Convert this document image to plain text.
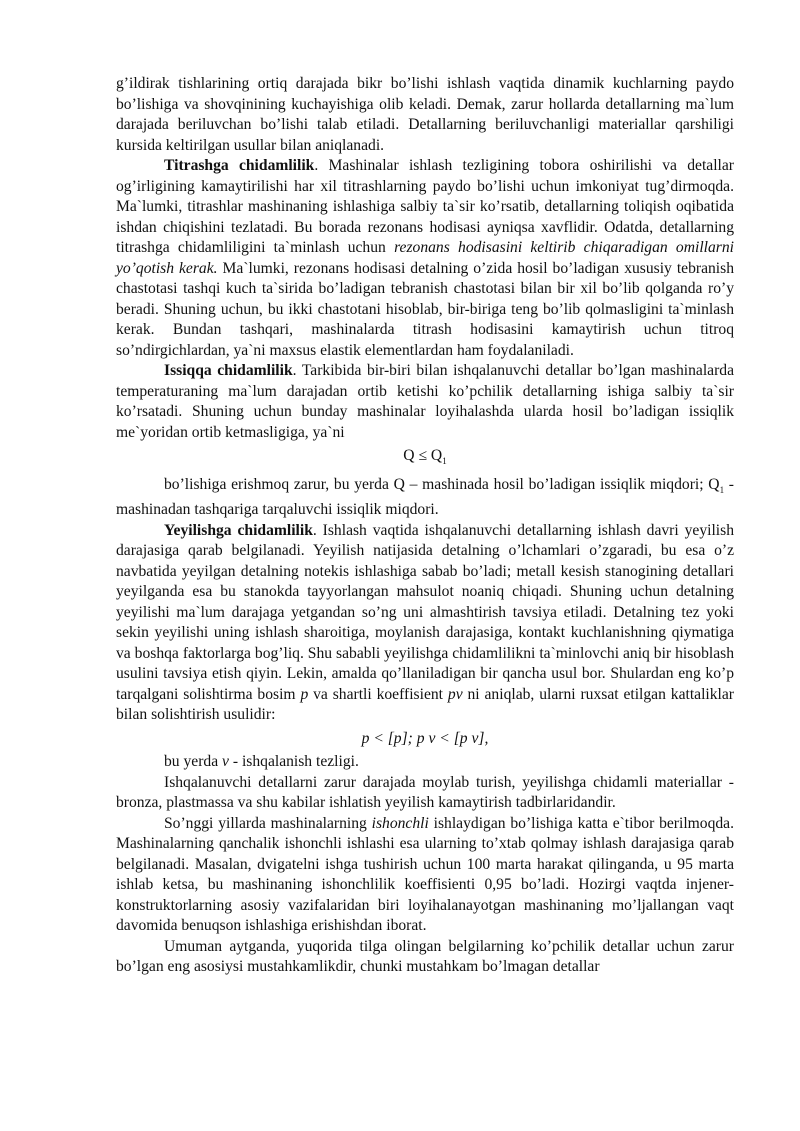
g’ildirak tishlarining ortiq darajada bikr bo’lishi ishlash vaqtida dinamik kuchlarning paydo bo’lishiga va shovqinining kuchayishiga olib keladi. Demak, zarur hollarda detallarning ma`lum darajada beriluvchan bo’lishi talab etiladi. Detallarning beriluvchanligi materiallar qarshiligi kursida keltirilgan usullar bilan aniqlanadi.

Titrashga chidamlilik. Mashinalar ishlash tezligining tobora oshirilishi va detallar og’irligining kamaytirilishi har xil titrashlarning paydo bo’lishi uchun imkoniyat tug’dirmoqda. Ma`lumki, titrashlar mashinaning ishlashiga salbiy ta`sir ko’rsatib, detallarning toliqish oqibatida ishdan chiqishini tezlatadi. Bu borada rezonans hodisasi ayniqsa xavflidir. Odatda, detallarning titrashga chidamliligini ta`minlash uchun rezonans hodisasini keltirib chiqaradigan omillarni yo’qotish kerak. Ma`lumki, rezonans hodisasi detalning o’zida hosil bo’ladigan xususiy tebranish chastotasi tashqi kuch ta`sirida bo’ladigan tebranish chastotasi bilan bir xil bo’lib qolganda ro’y beradi. Shuning uchun, bu ikki chastotani hisoblab, bir-biriga teng bo’lib qolmasligini ta`minlash kerak. Bundan tashqari, mashinalarda titrash hodisasini kamaytirish uchun titroq so’ndirgichlardan, ya`ni maxsus elastik elementlardan ham foydalaniladi.

Issiqqa chidamlilik. Tarkibida bir-biri bilan ishqalanuvchi detallar bo’lgan mashinalarda temperaturaning ma`lum darajadan ortib ketishi ko’pchilik detallarning ishiga salbiy ta`sir ko’rsatadi. Shuning uchun bunday mashinalar loyihalashda ularda hosil bo’ladigan issiqlik me`yoridan ortib ketmasligiga, ya`ni

$Q \le Q_1$

bo’lishiga erishmoq zarur, bu yerda Q – mashinada hosil bo’ladigan issiqlik miqdori; $Q_1$ - mashinadan tashqariga tarqaluvchi issiqlik miqdori.

Yeyilishga chidamlilik. Ishlash vaqtida ishqalanuvchi detallarning ishlash davri yeyilish darajasiga qarab belgilanadi. Yeyilish natijasida detalning o’lchamlari o’zgaradi, bu esa o’z navbatida yeyilgan detalning notekis ishlashiga sabab bo’ladi; metall kesish stanogining detallari yeyilganda esa bu stanokda tayyorlangan mahsulot noaniq chiqadi. Shuning uchun detalning yeyilishi ma`lum darajaga yetgandan so’ng uni almashtirish tavsiya etiladi. Detalning tez yoki sekin yeyilishi uning ishlash sharoitiga, moylanish darajasiga, kontakt kuchlanishning qiymatiga va boshqa faktorlarga bog’liq. Shu sababli yeyilishga chidamlilikni ta`minlovchi aniq bir hisoblash usulini tavsiya etish qiyin. Lekin, amalda qo’llaniladigan bir qancha usul bor. Shulardan eng ko’p tarqalgani solishtirma bosim p va shartli koeffisient pv ni aniqlab, ularni ruxsat etilgan kattaliklar bilan solishtirish usulidir:

p < [p]; p v < [p v],

bu yerda v - ishqalanish tezligi.

Ishqalanuvchi detallarni zarur darajada moylab turish, yeyilishga chidamli materiallar - bronza, plastmassa va shu kabilar ishlatish yeyilish kamaytirish tadbirlaridandir.

So’nggi yillarda mashinalarning ishonchli ishlaydigan bo’lishiga katta e`tibor berilmoqda. Mashinalarning qanchalik ishonchli ishlashi esa ularning to’xtab qolmay ishlash darajasiga qarab belgilanadi. Masalan, dvigatelni ishga tushirish uchun 100 marta harakat qilinganda, u 95 marta ishlab ketsa, bu mashinaning ishonchlilik koeffisienti 0,95 bo’ladi. Hozirgi vaqtda injener-konstruktorlarning asosiy vazifalaridan biri loyihalanayotgan mashinaning mo’ljallangan vaqt davomida benuqson ishlashiga erishishdan iborat.

Umuman aytganda, yuqorida tilga olingan belgilarning ko’pchilik detallar uchun zarur bo’lgan eng asosiysi mustahkamlikdir, chunki mustahkam bo’lmagan detallar
